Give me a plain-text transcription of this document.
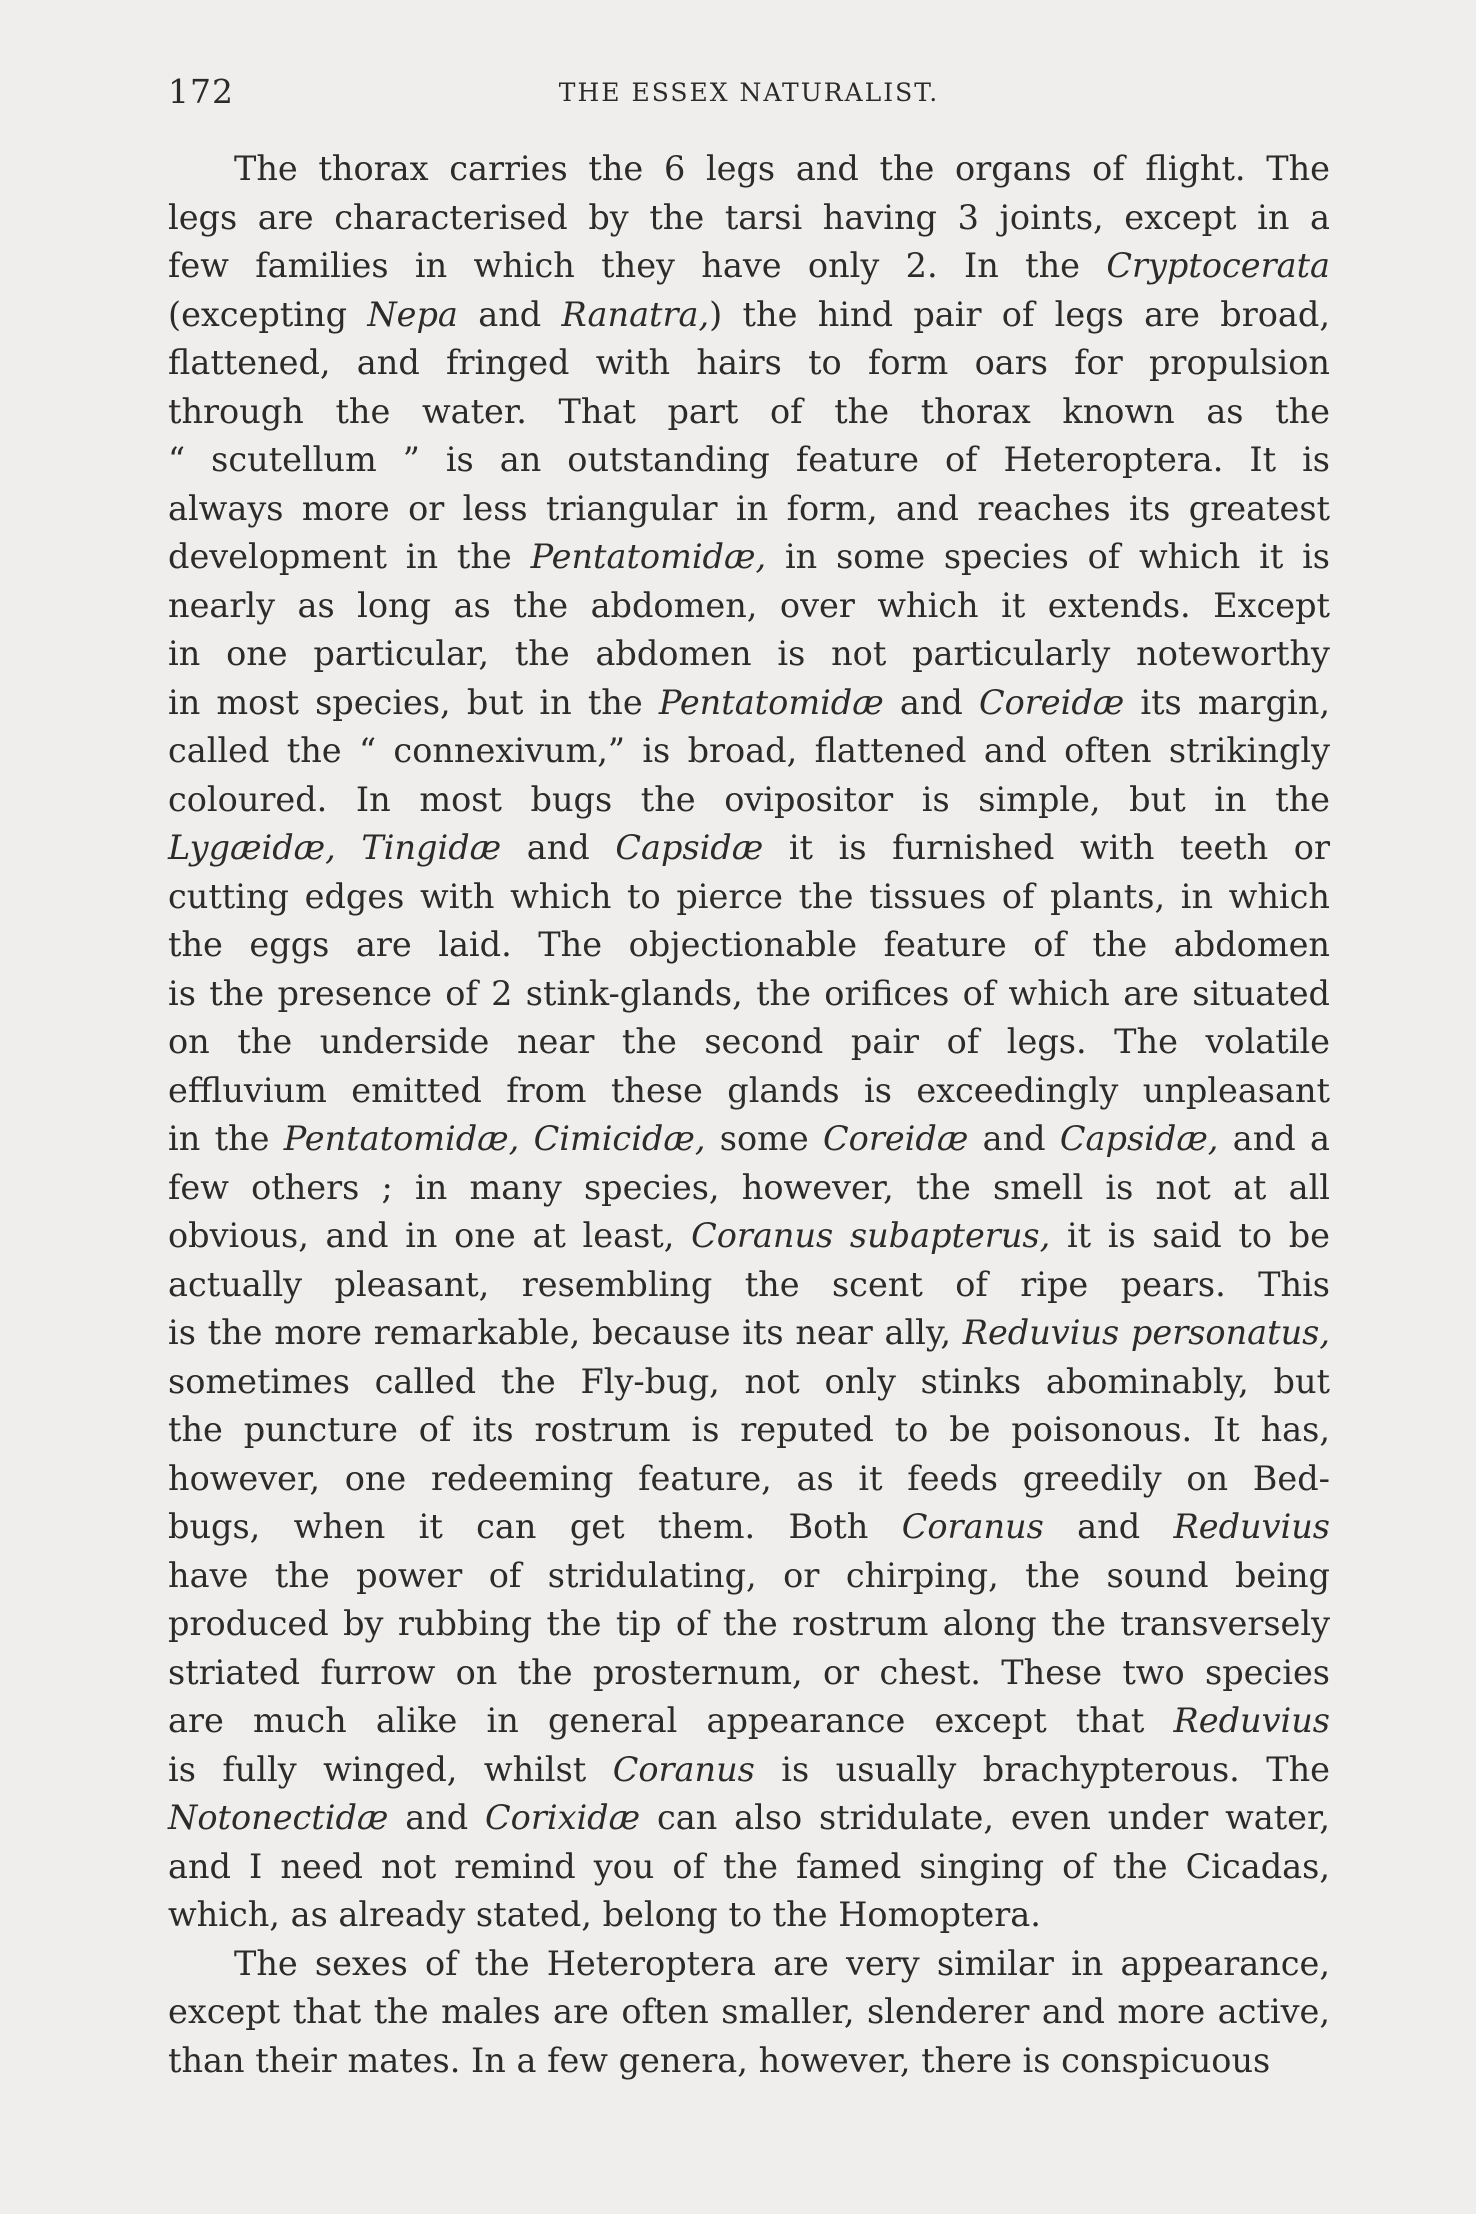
172	THE ESSEX NATURALIST.
The thorax carries the 6 legs and the organs of flight. The
legs are characterised by the tarsi having 3 joints, except in a
few families in which they have only 2. In the Cryptocerata
(excepting Nepa and Ranatra,) the hind pair of legs are broad,
flattened, and fringed with hairs to form oars for propulsion
through the water. That part of the thorax known as the
“ scutellum ” is an outstanding feature of Heteroptera. It is
always more or less triangular in form, and reaches its greatest
development in the Pentatomidæ, in some species of which it is
nearly as long as the abdomen, over which it extends. Except
in one particular, the abdomen is not particularly noteworthy
in most species, but in the Pentatomidæ and Coreidæ its margin,
called the “ connexivum,” is broad, flattened and often strikingly
coloured. In most bugs the ovipositor is simple, but in the
Lygæidæ, Tingidæ and Capsidæ it is furnished with teeth or
cutting edges with which to pierce the tissues of plants, in which
the eggs are laid. The objectionable feature of the abdomen
is the presence of 2 stink-glands, the orifices of which are situated
on the underside near the second pair of legs. The volatile
effluvium emitted from these glands is exceedingly unpleasant
in the Pentatomidæ, Cimicidæ, some Coreidæ and Capsidæ, and a
few others ; in many species, however, the smell is not at all
obvious, and in one at least, Coranus subapterus, it is said to be
actually pleasant, resembling the scent of ripe pears. This
is the more remarkable, because its near ally, Reduvius personatus,
sometimes called the Fly-bug, not only stinks abominably, but
the puncture of its rostrum is reputed to be poisonous. It has,
however, one redeeming feature, as it feeds greedily on Bed-
bugs, when it can get them. Both Coranus and Reduvius
have the power of stridulating, or chirping, the sound being
produced by rubbing the tip of the rostrum along the transversely
striated furrow on the prosternum, or chest. These two species
are much alike in general appearance except that Reduvius
is fully winged, whilst Coranus is usually brachypterous. The
Notonectidæ and Corixidæ can also stridulate, even under water,
and I need not remind you of the famed singing of the Cicadas,
which, as already stated, belong to the Homoptera.
The sexes of the Heteroptera are very similar in appearance,
except that the males are often smaller, slenderer and more active,
than their mates. In a few genera, however, there is conspicuous
